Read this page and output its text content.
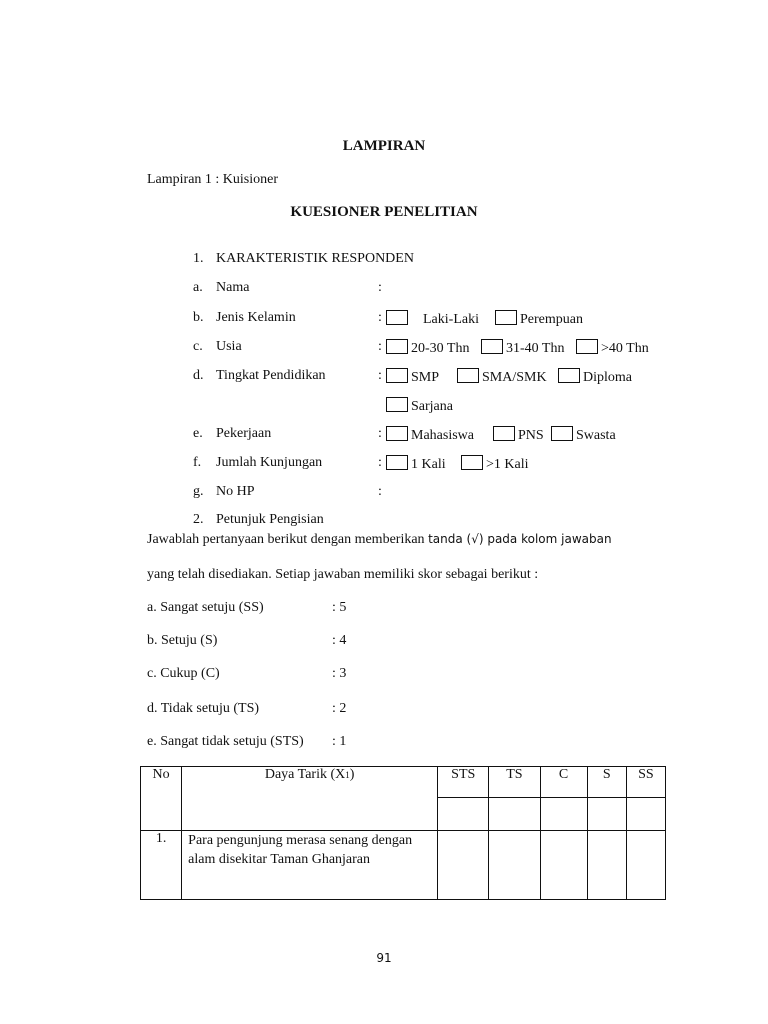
LAMPIRAN
Lampiran 1 : Kuisioner
KUESIONER PENELITIAN
1. KARAKTERISTIK RESPONDEN
a. Nama	:
b. Jenis Kelamin	:	Laki-Laki	Perempuan
c. Usia	:	20-30 Thn	31-40 Thn	>40 Thn
d. Tingkat Pendidikan	:	SMP	SMA/SMK	Diploma
Sarjana
e. Pekerjaan	:	Mahasiswa	PNS	Swasta
f. Jumlah Kunjungan	:	1 Kali	>1 Kali
g. No HP	:
2. Petunjuk Pengisian
Jawablah pertanyaan berikut dengan memberikan tanda (√) pada kolom jawaban
yang telah disediakan. Setiap jawaban memiliki skor sebagai berikut :
a. Sangat setuju (SS)	: 5
b. Setuju (S)	: 4
c. Cukup (C)	: 3
d. Tidak setuju (TS)	: 2
e. Sangat tidak setuju (STS) : 1
No	Daya Tarik (X1)	STS	TS	C	S	SS

1.	Para pengunjung merasa senang dengan alam disekitar Taman Ghanjaran					

91
